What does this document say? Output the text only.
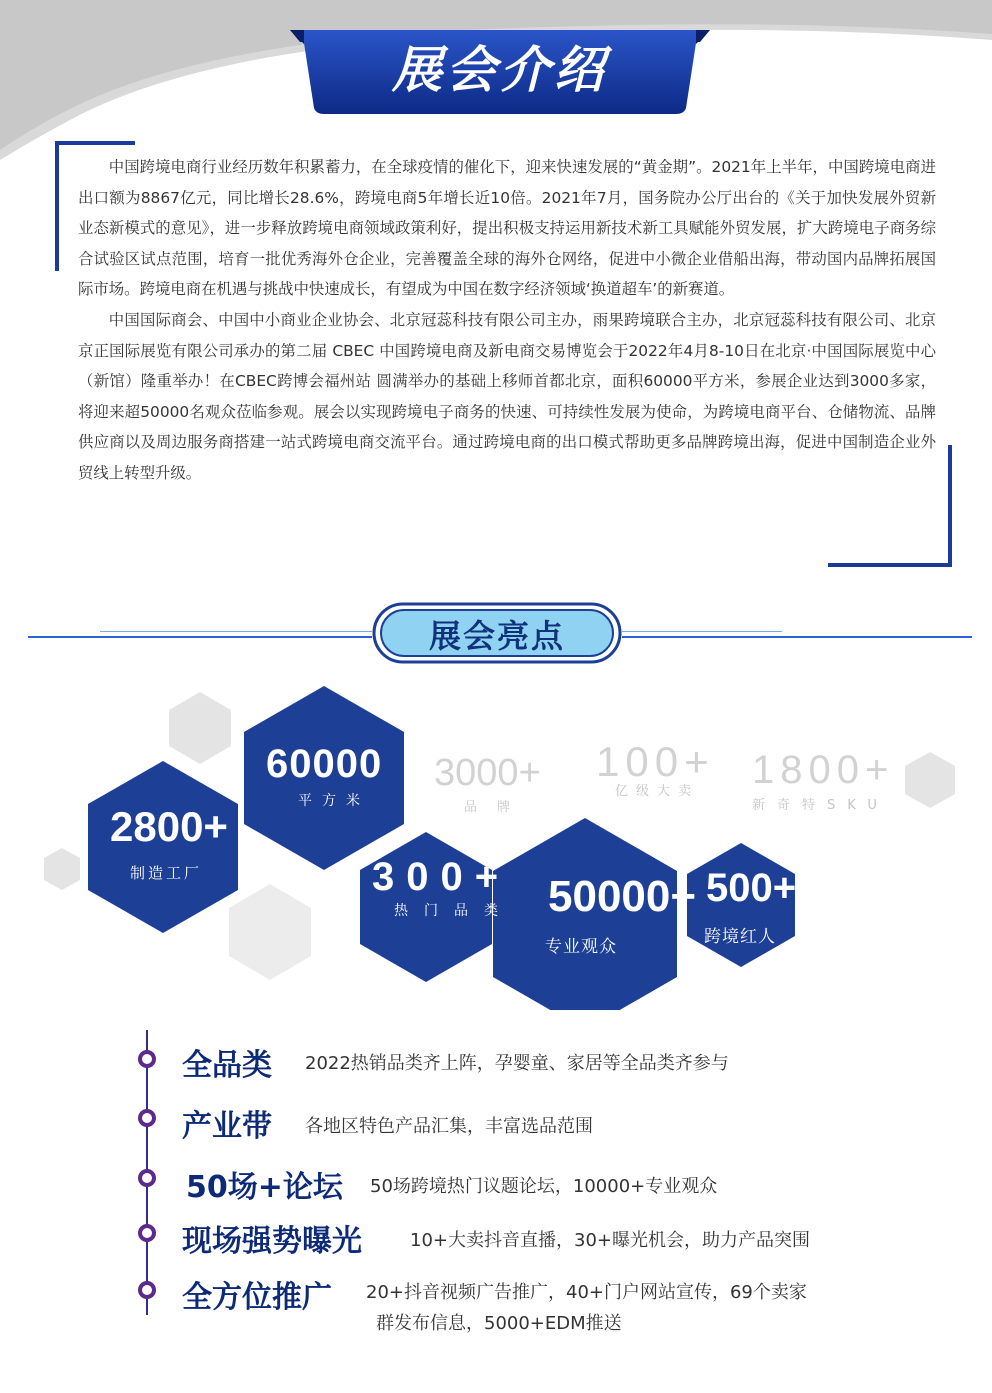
展会介绍

中国跨境电商行业经历数年积累蓄力，在全球疫情的催化下，迎来快速发展的“黄金期”。2021年上半年，中国跨境电商进出口额为8867亿元，同比增长28.6%，跨境电商5年增长近10倍。2021年7月，国务院办公厅出台的《关于加快发展外贸新业态新模式的意见》，进一步释放跨境电商领域政策利好，提出积极支持运用新技术新工具赋能外贸发展，扩大跨境电子商务综合试验区试点范围，培育一批优秀海外仓企业，完善覆盖全球的海外仓网络，促进中小微企业借船出海，带动国内品牌拓展国际市场。跨境电商在机遇与挑战中快速成长，有望成为中国在数字经济领域‘换道超车’的新赛道。

中国国际商会、中国中小商业企业协会、北京冠蕊科技有限公司主办，雨果跨境联合主办，北京冠蕊科技有限公司、北京京正国际展览有限公司承办的第二届 CBEC 中国跨境电商及新电商交易博览会于2022年4月8-10日在北京·中国国际展览中心（新馆）隆重举办！在CBEC跨博会福州站 圆满举办的基础上移师首都北京，面积60000平方米，参展企业达到3000多家，将迎来超50000名观众莅临参观。展会以实现跨境电子商务的快速、可持续性发展为使命，为跨境电商平台、仓储物流、品牌供应商以及周边服务商搭建一站式跨境电商交流平台。通过跨境电商的出口模式帮助更多品牌跨境出海，促进中国制造企业外贸线上转型升级。

展会亮点
2800+
制造工厂
60000
平方米
3000+
品牌
100+
亿级大卖 1800+
新奇特SKU
300+
热门品类 50000+
专业观众
500+
跨境红人
全品类 2022热销品类齐上阵，孕婴童、家居等全品类齐参与
产业带 各地区特色产品汇集，丰富选品范围
50场+论坛 50场跨境热门议题论坛，10000+专业观众
现场强势曝光	10+大卖抖音直播，30+曝光机会，助力产品突围
全方位推广 20+抖音视频广告推广，40+门户网站宣传，69个卖家
群发布信息，5000+EDM推送
